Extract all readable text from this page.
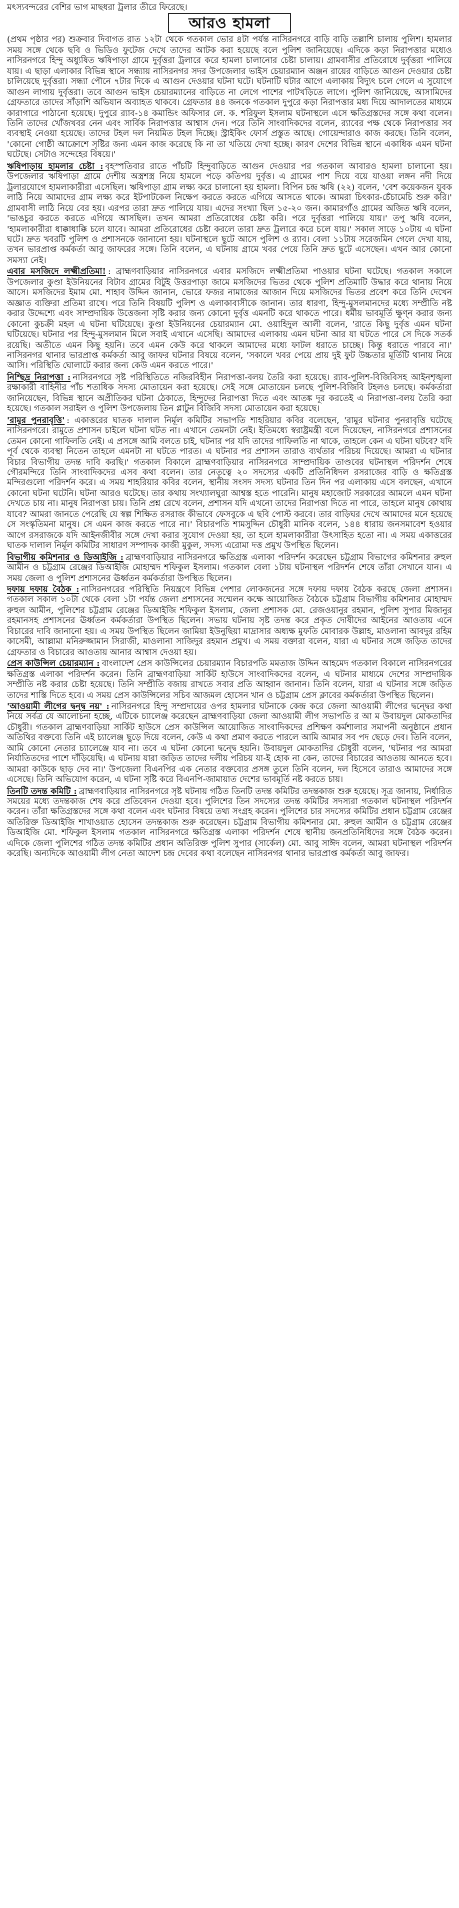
মৎস্যবন্দরের বেশির ভাগ মাছধরা ট্রলার তীরে ফিরেছে।

আরও হামলা

(প্রথম পৃষ্ঠার পর) শুক্রবার দিবাগত রাত ১২টা থেকে গতকাল ভোর ৪টা পর্যন্ত নাসিরনগরে বাড়ি বাড়ি তল্লাশি চালায় পুলিশ। হামলার সময় সঙ্গে থেকে ছবি ও ভিডিও ফুটেজ দেখে তাদের আটক করা হয়েছে বলে পুলিশ জানিয়েছে। এদিকে কড়া নিরাপত্তার মধ্যেও নাসিরনগরে হিন্দু অধ্যুষিত ঋষিপাড়া গ্রামে দুর্বৃত্তরা ট্রলারে করে হামলা চালানোর চেষ্টা চালায়। গ্রামবাসীর প্রতিরোধে দুর্বৃত্তরা পালিয়ে যায়। এ ছাড়া এলাকার বিভিন্ন স্থানে সন্ধ্যায় নাসিরনগর সদর উপজেলার ভাইস চেয়ারম্যান অঞ্জন রায়ের বাড়িতে আগুন দেওয়ার চেষ্টা চালিয়েছে দুর্বৃত্তরা। সন্ধ্যা পৌনে ৭টার দিকে এ আগুন দেওয়ার ঘটনা ঘটে। ঘটনাটি ঘটার আগে এলাকায় বিদ্যুৎ চলে গেলে এ সুযোগে আগুন লাগায় দুর্বৃত্তরা। তবে আগুন ভাইস চেয়ারম্যানের বাড়িতে না লেগে পাশের পাটখড়িতে লাগে। পুলিশ জানিয়েছে, আসামিদের গ্রেফতারে তাদের সাঁড়াশি অভিযান অব্যাহত থাকবে। গ্রেফতার ৪৪ জনকে গতকাল দুপুরে কড়া নিরাপত্তার মধ্য দিয়ে আদালতের মাধ্যমে কারাগারে পাঠানো হয়েছে। দুপুরে র‌্যাব-১৪ কমান্ডিং অফিসার লে. ক. শরিফুল ইসলাম ঘটনাস্থলে এসে ক্ষতিগ্রস্তদের সঙ্গে কথা বলেন। তিনি তাদের খোঁজখবর নেন এবং সার্বিক নিরাপত্তার আশ্বাস দেন। পরে তিনি সাংবাদিকদের বলেন, র‌্যাবের পক্ষ থেকে নিরাপত্তার সব ব্যবস্থাই নেওয়া হয়েছে। তাদের টহল দল নিয়মিত টহল দিচ্ছে। স্ট্রাইকিং ফোর্স প্রস্তুত আছে। গোয়েন্দারাও কাজ করছে। তিনি বলেন, 'কোনো গোষ্ঠী আক্রোশে সৃষ্টির জন্য এমন কাজ করেছে কি না তা খতিয়ে দেখা হচ্ছে। কারণ দেশের বিভিন্ন স্থানে একাধিক এমন ঘটনা ঘটেছে। সেটাও সন্দেহের বিষয়ে।'

ঋষিপাড়ায় হামলার চেষ্টা : বৃহস্পতিবার রাতে পাঁচটি হিন্দুবাড়িতে আগুন দেওয়ার পর গতকাল আবারও হামলা চালানো হয়। উপজেলার ঋষিপাড়া গ্রামে দেশীয় অস্ত্রশস্ত্র নিয়ে হামলে পড়ে কতিপয় দুর্বৃত্ত। এ গ্রামের পাশ দিয়ে বয়ে যাওয়া লঙ্গন নদী দিয়ে ট্রলারযোগে হামলাকারীরা এসেছিল। ঋষিপাড়া গ্রাম লক্ষ্য করে চালানো হয় হামলা। বিপিন চন্দ্র ঋষি (২২) বলেন, 'বেশ কয়েকজন যুবক লাঠি নিয়ে আমাদের গ্রাম লক্ষ্য করে ইটপাটকেল নিক্ষেপ করতে করতে এগিয়ে আসতে থাকে। আমরা চিৎকার-চেঁচামেচি শুরু করি।' গ্রামবাসী লাঠি নিয়ে বের হয়। এরপর তারা দ্রুত পালিয়ে যায়। এদের সংখ্যা ছিল ১৫-২০ জন। কামারগাঁও গ্রামের অজিত ঋষি বলেন, 'ভাঙচুর করতে করতে এগিয়ে আসছিল। তখন আমরা প্রতিরোধের চেষ্টা করি। পরে দুর্বৃত্তরা পালিয়ে যায়।' তপু ঋষি বলেন, 'হামলাকারীরা ধাক্কাধাক্কি চলে যাবে। আমরা প্রতিরোধের চেষ্টা করলে তারা দ্রুত ট্রলারে করে চলে যায়।' সকাল সাড়ে ১০টায় এ ঘটনা ঘটে। দ্রুত খবরটি পুলিশ ও প্রশাসনকে জানানো হয়। ঘটনাস্থলে ছুটে আসে পুলিশ ও র‌্যাব। বেলা ১১টায় সরেজমিন গেলে দেখা যায়, তখন ভারপ্রাপ্ত কর্মকর্তা আবু জাফরের সঙ্গে। তিনি বলেন, এ ঘটনায় গ্রামে খবর পেয়ে তিনি দ্রুত ছুটে এসেছেন। এখন আর কোনো সমস্যা নেই।

এবার মসজিদে লক্ষ্মীপ্রতিমা! : ব্রাহ্মণবাড়িয়ার নাসিরনগরে এবার মসজিদে লক্ষ্মীপ্রতিমা পাওয়ার ঘটনা ঘটেছে। গতকাল সকালে উপজেলার কুণ্ডা ইউনিয়নের বিটাব গ্রামের বিটুই উত্তরপাড়া জামে মসজিদের ভিতর থেকে পুলিশ প্রতিমাটি উদ্ধার করে থানায় নিয়ে আসে। মসজিদের ইমাম মো. শাহাব উদ্দিন জানান, ভোরে ফজর নামাজের আজান দিয়ে মসজিদের ভিতর প্রবেশ করে তিনি দেখেন অজ্ঞাত ব্যক্তিরা প্রতিমা রাখে। পরে তিনি বিষয়টি পুলিশ ও এলাকাবাসীকে জানান। তার ধারণা, হিন্দু-মুসলমানদের মধ্যে সম্প্রীতি নষ্ট করার উদ্দেশ্যে এবং সাম্প্রদায়িক উত্তেজনা সৃষ্টি করার জন্য কোনো দুর্বৃত্ত এমনটি করে থাকতে পারে। ধর্মীয় ভাবমূর্তি ক্ষুণ্ন করার জন্য কোনো কুচক্রী মহল এ ঘটনা ঘটিয়েছে। কুণ্ডা ইউনিয়নের চেয়ারম্যান মো. ওয়াহিদুল আলী বলেন, 'রাতে কিছু দুর্বৃত্ত এমন ঘটনা ঘটিয়েছে। ঘটনার পর হিন্দু-মুসলমান মিলে সবাই এখানে এসেছি। আমাদের এলাকায় এমন ঘটনা আর যা ঘটতে পারে সে দিকে সতর্ক রয়েছি। অতীতে এমন কিছু হয়নি। তবে এমন কেউ করে থাকলে আমাদের মধ্যে ফাটল ধরাতে চাচ্ছে। কিন্তু ধরাতে পারবে না।' নাসিরনগর থানার ভারপ্রাপ্ত কর্মকর্তা আবু জাফর ঘটনার বিষয়ে বলেন, 'সকালে খবর পেয়ে প্রায় দুই ফুট উচ্চতার মূর্তিটি থানায় নিয়ে আসি। পরিস্থিতি ঘোলাটে করার জন্য কেউ এমন করতে পারে।'

নিশ্ছিদ্র নিরাপত্তা : নাসিরনগরে সৃষ্ট পরিস্থিতিতে নজিরবিহীন নিরাপত্তা-বলয় তৈরি করা হয়েছে। র‌্যাব-পুলিশ-বিজিবিসহ আইনশৃঙ্খলা রক্ষাকারী বাহিনীর পাঁচ শতাধিক সদস্য মোতায়েন করা হয়েছে। সেই সঙ্গে মোতায়েন চলছে পুলিশ-বিজিবি টহলও চলছে। কর্মকর্তারা জানিয়েছেন, বিভিন্ন স্থানে অপ্রীতিকর ঘটনা ঠেকাতে, হিন্দুদের নিরাপত্তা দিতে এবং আতঙ্ক দূর করতেই এ নিরাপত্তা-বলয় তৈরি করা হয়েছে। গতকাল সরাইল ও পুলিশ উপজেলায় তিন প্লাটুন বিজিবি সদস্য মোতায়েন করা হয়েছে।

'রামুর পুনরাবৃত্তি' : একাত্তরের ঘাতক দালাল নির্মূল কমিটির সভাপতি শাহরিয়ার কবির বলেছেন, 'রামুর ঘটনার পুনরাবৃত্তি ঘটেছে নাসিরনগরে। রামুতে প্রশাসন চাইলে ঘটনা ঘটত না। এখানে তেমনটা নেই। ইতিমধ্যে স্বরাষ্ট্রমন্ত্রী বলে দিয়েছেন, নাসিরনগরে প্রশাসনের তেমন কোনো গাফিলতি নেই। এ প্রসঙ্গে আমি বলতে চাই, ঘটনার পর যদি তাদের গাফিলতি না থাকে, তাহলে কেন এ ঘটনা ঘটবে? যদি পূর্ব থেকে ব্যবস্থা নিতেন তাহলে এমনটা না ঘটতে পারত। এ ঘটনার পর প্রশাসন তারাও ব্যর্থতার পরিচয় দিয়েছে। আমরা এ ঘটনার বিচার বিভাগীয় তদন্ত দাবি করছি।' গতকাল বিকালে ব্রাহ্মণবাড়িয়ার নাসিরনগরে সাম্প্রদায়িক তাণ্ডবের ঘটনাস্থল পরিদর্শন শেষে গৌরমন্দিরে তিনি সাংবাদিকদের এসব কথা বলেন। তার নেতৃত্বে ২০ সদস্যের একটি প্রতিনিধিদল রসরাজের বাড়ি ও ক্ষতিগ্রস্ত মন্দিরগুলো পরিদর্শন করে। এ সময় শাহরিয়ার কবির বলেন, স্থানীয় সংসদ সদস্য ঘটনার তিন দিন পর এলাকায় এসে বলছেন, এখানে কোনো ঘটনা ঘটেনি। ঘটনা আরও ঘটেছে। তার কথায় সংখ্যালঘুরা আশ্বস্ত হতে পারেনি। মানুষ মহাজোট সরকারের আমলে এমন ঘটনা দেখতে চায় না। মানুষ নিরাপত্তা চায়। তিনি প্রশ্ন রেখে বলেন, প্রশাসন যদি এখনো তাদের নিরাপত্তা দিতে না পারে, তাহলে মানুষ কোথায় যাবে? আমরা জানতে পেরেছি যে স্বল্প শিক্ষিত রসরাজ কীভাবে ফেসবুকে এ ছবি পোস্ট করবে। তার বাড়িঘর দেখে আমাদের মনে হয়েছে সে সংস্কৃতিমনা মানুষ। সে এমন কাজ করতে পারে না।' বিচারপতি শামসুদ্দিন চৌধুরী মানিক বলেন, ১৪৪ ধারায় জনসমাবেশ হওয়ার আগে রসরাজকে যদি আইনজীবীর সঙ্গে দেখা করার সুযোগ দেওয়া হয়, তা হলে হামলাকারীরা উৎসাহিত হতো না। এ সময় একাত্তরের ঘাতক দালাল নির্মূল কমিটির সাধারণ সম্পাদক কাজী মুকুল, সদস্য এরোমা দত্ত প্রমুখ উপস্থিত ছিলেন।

বিভাগীয় কমিশনার ও ডিআইজি : ব্রাহ্মণবাড়িয়ার নাসিরনগরে ক্ষতিগ্রস্ত এলাকা পরিদর্শন করেছেন চট্টগ্রাম বিভাগের কমিশনার রুহুল আমীন ও চট্টগ্রাম রেঞ্জের ডিআইজি মোহাম্মদ শফিকুল ইসলাম। গতকাল বেলা ১টায় ঘটনাস্থল পরিদর্শন শেষে তাঁরা সেখানে যান। এ সময় জেলা ও পুলিশ প্রশাসনের ঊর্ধ্বতন কর্মকর্তারা উপস্থিত ছিলেন।

দফায় দফায় বৈঠক : নাসিরনগরের পরিস্থিতি নিয়ন্ত্রণে বিভিন্ন পেশার লোকজনের সঙ্গে দফায় দফায় বৈঠক করছে জেলা প্রশাসন। গতকাল সকাল ১০টা থেকে বেলা ১টা পর্যন্ত জেলা প্রশাসনের সম্মেলন কক্ষে আয়োজিত বৈঠকে চট্টগ্রাম বিভাগীয় কমিশনার মোহাম্মদ রুহুল আমীন, পুলিশের চট্টগ্রাম রেঞ্জের ডিআইজি শফিকুল ইসলাম, জেলা প্রশাসক মো. রেজওয়ানুর রহমান, পুলিশ সুপার মিজানুর রহমানসহ প্রশাসনের ঊর্ধ্বতন কর্মকর্তারা উপস্থিত ছিলেন। সভায় ঘটনায় সৃষ্ট তদন্ত করে প্রকৃত দোষীদের আইনের আওতায় এনে বিচারের দাবি জানানো হয়। এ সময় উপস্থিত ছিলেন জামিয়া ইউনুছিয়া মাদ্রাসার অধ্যক্ষ মুফতি মোবারক উল্লাহ, মাওলানা আবদুর রহিম কাসেমী, আল্লামা মনিরুজ্জামান সিরাজী, মাওলানা সাজিদুর রহমান প্রমুখ। এ সময় বক্তারা বলেন, যারা এ ঘটনার সঙ্গে জড়িত তাদের গ্রেফতার ও বিচারের আওতায় আনার আশ্বাস দেওয়া হয়।

প্রেস কাউন্সিল চেয়ারম্যান : বাংলাদেশ প্রেস কাউন্সিলের চেয়ারম্যান বিচারপতি মমতাজ উদ্দিন আহমেদ গতকাল বিকালে নাসিরনগরের ক্ষতিগ্রস্ত এলাকা পরিদর্শন করেন। তিনি ব্রাহ্মণবাড়িয়া সার্কিট হাউসে সাংবাদিকদের বলেন, এ ঘটনার মাধ্যমে দেশের সাম্প্রদায়িক সম্প্রীতি নষ্ট করার চেষ্টা হয়েছে। তিনি সম্প্রীতি বজায় রাখতে সবার প্রতি আহ্বান জানান। তিনি বলেন, যারা এ ঘটনার সঙ্গে জড়িত তাদের শাস্তি দিতে হবে। এ সময় প্রেস কাউন্সিলের সচিব আজমল হোসেন খান ও চট্টগ্রাম প্রেস ক্লাবের কর্মকর্তারা উপস্থিত ছিলেন।

'আওয়ামী লীগের দ্বন্দ্ব নয়' : নাসিরনগরে হিন্দু সম্প্রদায়ের ওপর হামলার ঘটনাকে কেন্দ্র করে জেলা আওয়ামী লীগের দ্বন্দ্বের কথা নিয়ে সর্বত্র যে আলোচনা হচ্ছে, এটিকে চ্যালেঞ্জ করেছেন ব্রাহ্মণবাড়িয়া জেলা আওয়ামী লীগ সভাপতি র আ ম উবায়দুল মোকতাদির চৌধুরী। গতকাল ব্রাহ্মণবাড়িয়া সার্কিট হাউসে প্রেস কাউন্সিল আয়োজিত সাংবাদিকদের প্রশিক্ষণ কর্মশালার সমাপনী অনুষ্ঠানে প্রধান অতিথির বক্তব্যে তিনি এই চ্যালেঞ্জ ছুড়ে দিয়ে বলেন, কেউ এ কথা প্রমাণ করতে পারলে আমি আমার সব পদ ছেড়ে দেব। তিনি বলেন, আমি কোনো নেতার চ্যালেঞ্জে যাব না। তবে এ ঘটনা কোনো দ্বন্দ্বে হয়নি। উবায়দুল মোকতাদির চৌধুরী বলেন, 'ঘটনার পর আমরা নির্যাতিতদের পাশে দাঁড়িয়েছি। এ ঘটনায় যারা জড়িত তাদের দলীয় পরিচয় যা-ই হোক না কেন, তাদের বিচারের আওতায় আনতে হবে। আমরা কাউকে ছাড় দেব না।' উপজেলা বিএনপির এক নেতার বক্তব্যের প্রসঙ্গ তুলে তিনি বলেন, দল হিসেবে তারাও আমাদের সঙ্গে এসেছে। তিনি অভিযোগ করেন, এ ঘটনা সৃষ্টি করে বিএনপি-জামায়াত দেশের ভাবমূর্তি নষ্ট করতে চায়।

তিনটি তদন্ত কমিটি : ব্রাহ্মণবাড়িয়ার নাসিরনগরে সৃষ্ট ঘটনায় গঠিত তিনটি তদন্ত কমিটির তদন্তকাজ শুরু হয়েছে। সূত্র জানায়, নির্ধারিত সময়ের মধ্যে তদন্তকাজ শেষ করে প্রতিবেদন দেওয়া হবে। পুলিশের তিন সদস্যের তদন্ত কমিটির সদস্যরা গতকাল ঘটনাস্থল পরিদর্শন করেন। তাঁরা ক্ষতিগ্রস্তদের সঙ্গে কথা বলেন এবং ঘটনার বিষয়ে তথ্য সংগ্রহ করেন। পুলিশের চার সদস্যের কমিটির প্রধান চট্টগ্রাম রেঞ্জের অতিরিক্ত ডিআইজি শাখাওয়াত হোসেন তদন্তকাজ শুরু করেছেন। চট্টগ্রাম বিভাগীয় কমিশনার মো. রুহুল আমীন ও চট্টগ্রাম রেঞ্জের ডিআইজি মো. শফিকুল ইসলাম গতকাল নাসিরনগরে ক্ষতিগ্রস্ত এলাকা পরিদর্শন শেষে স্থানীয় জনপ্রতিনিধিদের সঙ্গে বৈঠক করেন। এদিকে জেলা পুলিশের গঠিত তদন্ত কমিটির প্রধান অতিরিক্ত পুলিশ সুপার (সার্কেল) মো. আবু সাঈদ বলেন, আমরা ঘটনাস্থল পরিদর্শন করেছি। অন্যদিকে আওয়ামী লীগ নেতা আদেশ চন্দ্র দেবের কথা বলেছেন নাসিরনগর থানার ভারপ্রাপ্ত কর্মকর্তা আবু জাফর।
